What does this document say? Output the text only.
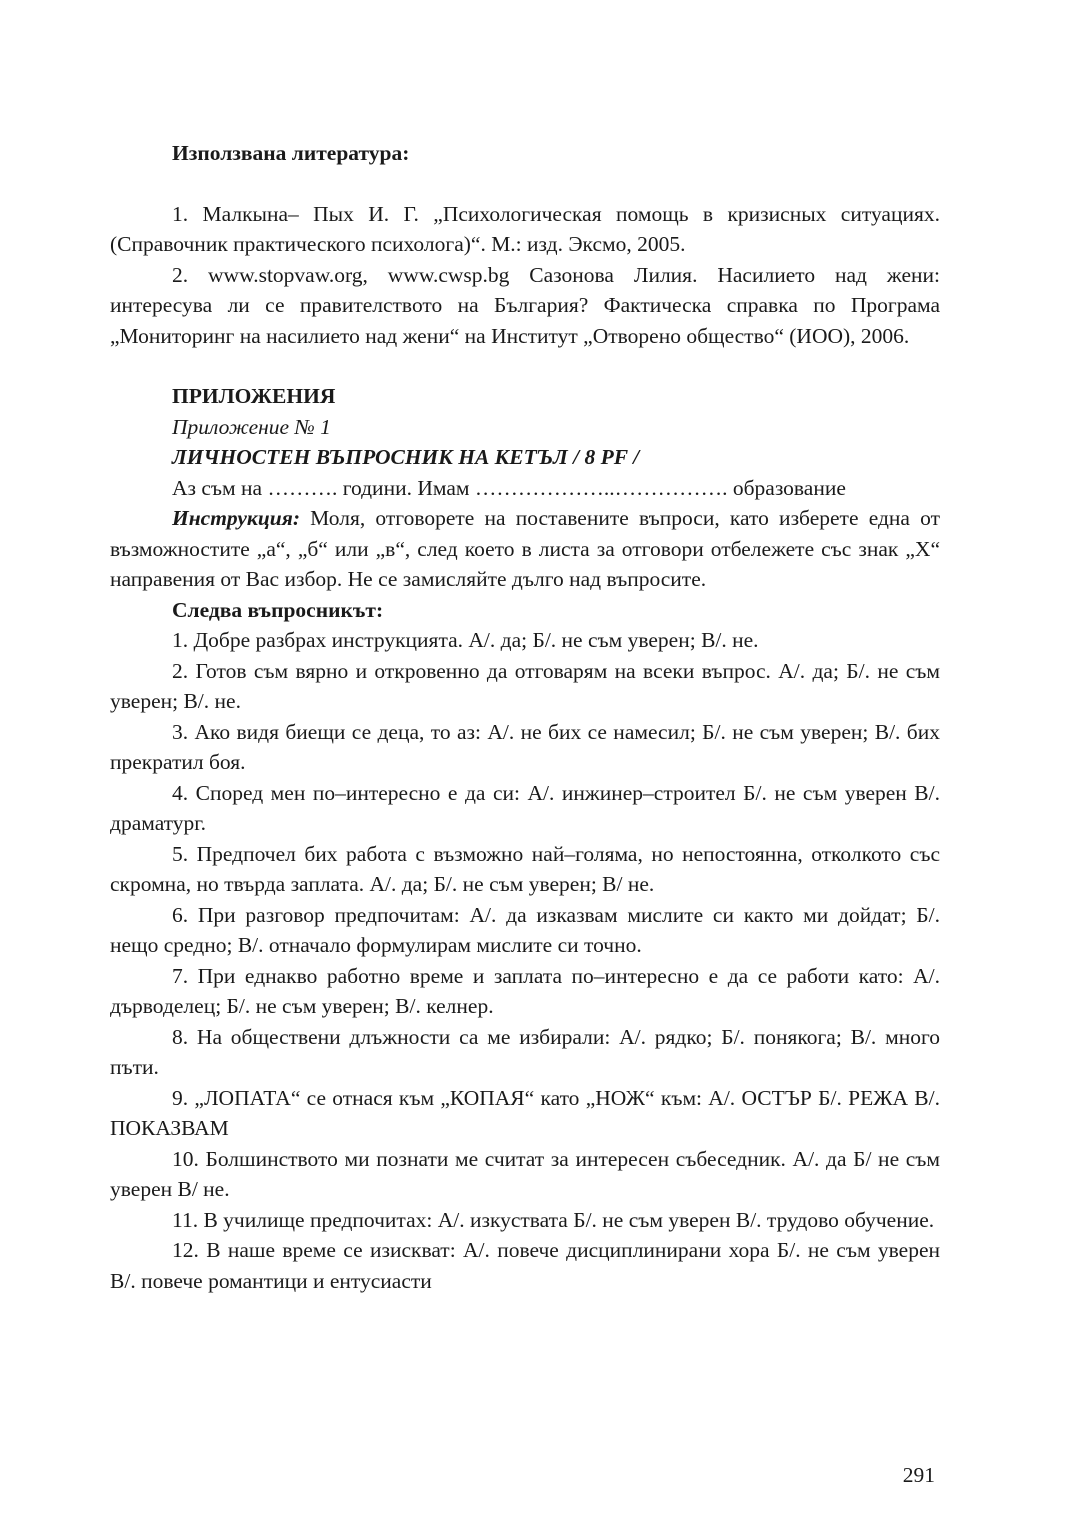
Използвана литература:

1. Малкына– Пых И. Г. „Психологическая помощь в кризисных ситуациях. (Справочник практического психолога)“. М.: изд. Эксмо, 2005.

2. www.stopvaw.org, www.cwsp.bg Сазонова Лилия. Насилието над жени: интересува ли се правителството на България? Фактическа справка по Програма „Мониторинг на насилието над жени“ на Институт „Отворено общество“ (ИОО), 2006.

ПРИЛОЖЕНИЯ

Приложение № 1

ЛИЧНОСТЕН ВЪПРОСНИК НА КЕТЪЛ / 8 PF /

Аз съм на ………. години. Имам ………………..……………. образование

Инструкция: Моля, отговорете на поставените въпроси, като изберете една от възможностите „а“, „б“ или „в“, след което в листа за отговори отбележете със знак „Х“ направения от Вас избор. Не се замисляйте дълго над въпросите.

Следва въпросникът:

1. Добре разбрах инструкцията. А/. да; Б/. не съм уверен; В/. не.

2. Готов съм вярно и откровенно да отговарям на всеки въпрос. А/. да; Б/. не съм уверен; В/. не.

3. Ако видя биещи се деца, то аз: А/. не бих се намесил; Б/. не съм уверен; В/. бих прекратил боя.

4. Според мен по–интересно е да си: А/. инжинер–строител Б/. не съм уверен В/. драматург.

5. Предпочел бих работа с възможно най–голяма, но непостоянна, отколкото със скромна, но твърда заплата. А/. да; Б/. не съм уверен; В/ не.

6. При разговор предпочитам: А/. да изказвам мислите си както ми дойдат; Б/. нещо средно; В/. отначало формулирам мислите си точно.

7. При еднакво работно време и заплата по–интересно е да се работи като: А/. дърводелец; Б/. не съм уверен; В/. келнер.

8. На обществени длъжности са ме избирали: А/. рядко; Б/. понякога; В/. много пъти.

9. „ЛОПАТА“ се отнася към „КОПАЯ“ като „НОЖ“ към: А/. ОСТЪР Б/. РЕЖА В/. ПОКАЗВАМ

10. Болшинството ми познати ме считат за интересен събеседник. А/. да Б/ не съм уверен В/ не.

11. В училище предпочитах: А/. изкуствата Б/. не съм уверен В/. трудово обучение.

12. В наше време се изискват: А/. повече дисциплинирани хора Б/. не съм уверен В/. повече романтици и ентусиасти

291
